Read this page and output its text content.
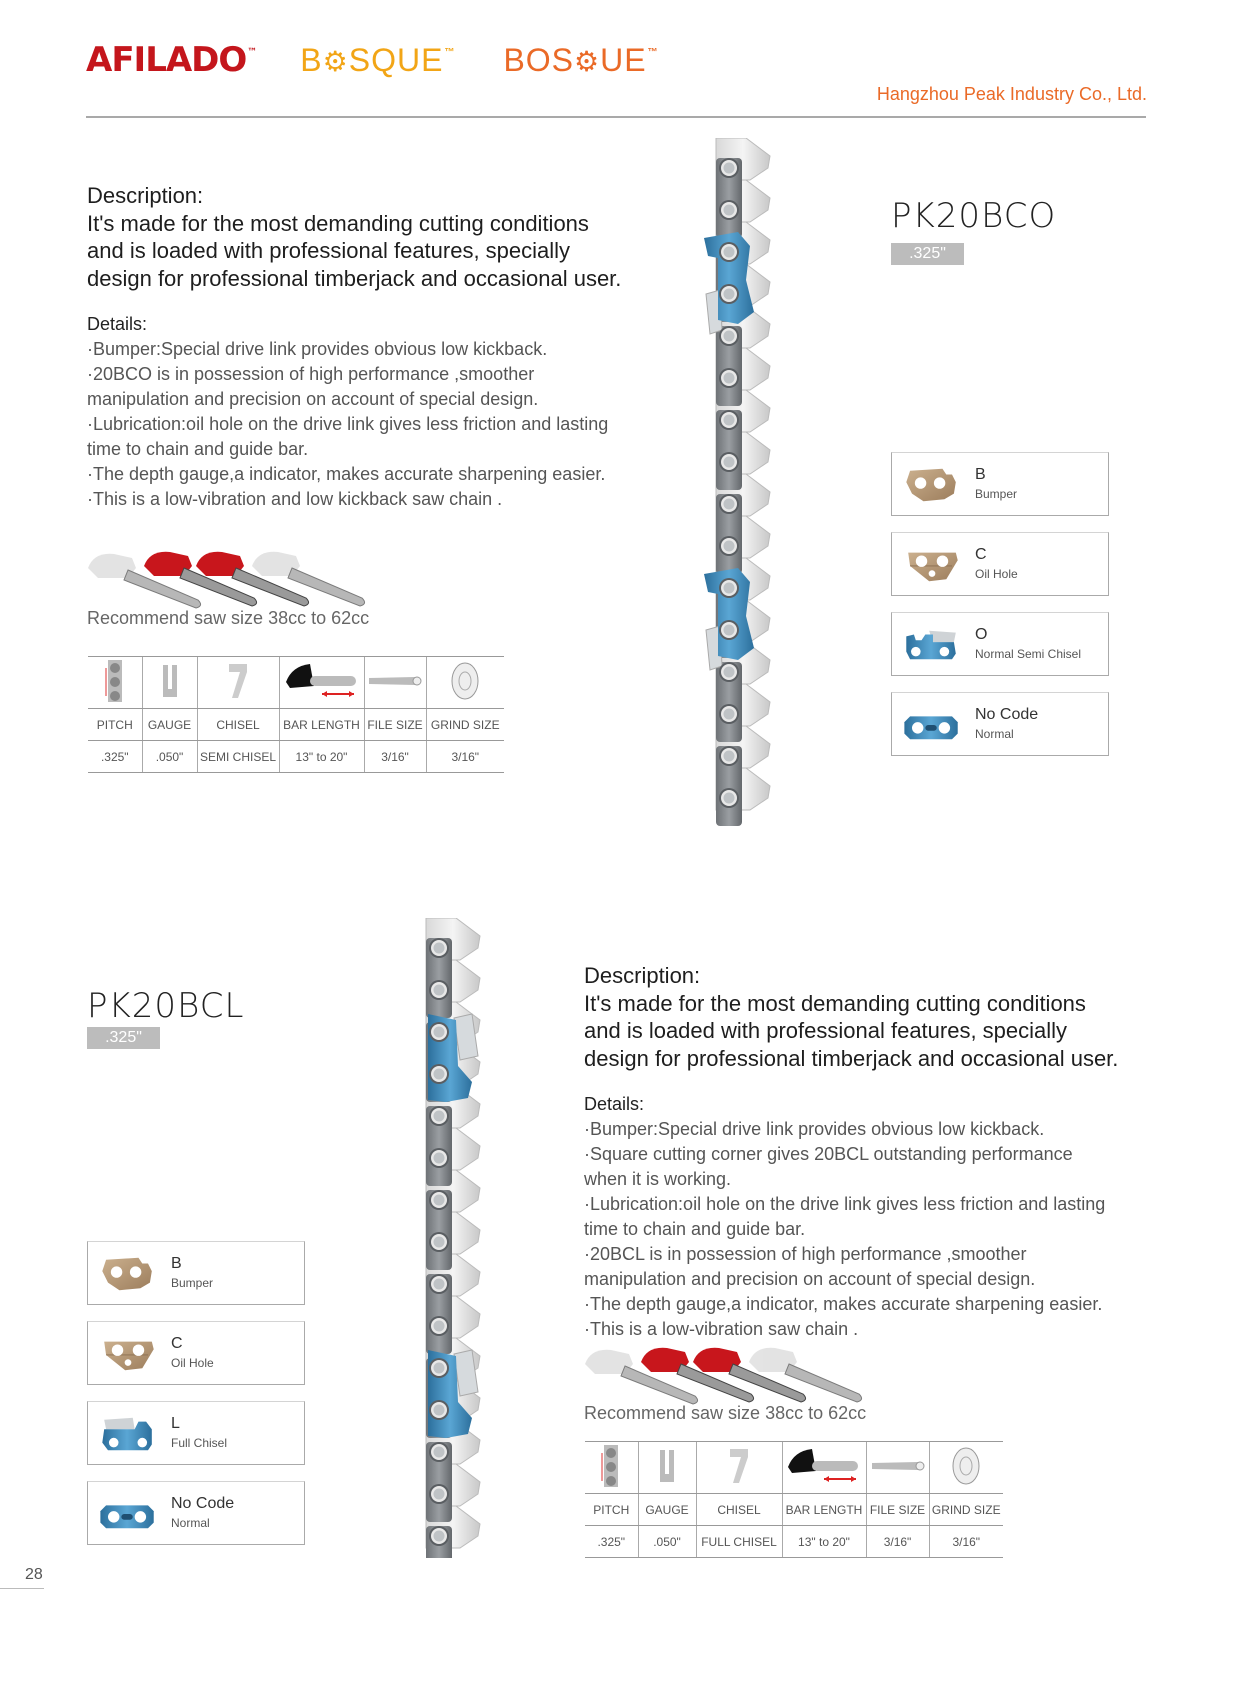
AFILADO™ B⚙SQUE™ BOS⚙UE™
Hangzhou Peak Industry Co., Ltd.
Description:
It's made for the most demanding cutting conditions
and is loaded with professional features, specially
design for professional timberjack and occasional user.
Details:
·Bumper:Special drive link provides obvious low kickback.
·20BCO is in possession of high performance ,smoother
manipulation and precision on account of special design.
·Lubrication:oil hole on the drive link gives less friction and lasting
time to chain and guide bar.
·The depth gauge,a indicator, makes accurate sharpening easier.
·This is a low-vibration and low kickback saw chain .
Recommend saw size 38cc to 62cc

PITCH	GAUGE	CHISEL	BAR LENGTH	FILE SIZE	GRIND SIZE
.325"	.050"	SEMI CHISEL	13" to 20"	3/16"	3/16"
PK20BCO
.325"
B
Bumper
C
Oil Hole
O
Normal Semi Chisel
No Code
Normal
PK20BCL
.325"
B
Bumper
C
Oil Hole
L
Full Chisel
No Code
Normal
Description:
It's made for the most demanding cutting conditions
and is loaded with professional features, specially
design for professional timberjack and occasional user.
Details:
·Bumper:Special drive link provides obvious low kickback.
·Square cutting corner gives 20BCL outstanding performance
when it is working.
·Lubrication:oil hole on the drive link gives less friction and lasting
time to chain and guide bar.
·20BCL is in possession of high performance ,smoother
manipulation and precision on account of special design.
·The depth gauge,a indicator, makes accurate sharpening easier.
·This is a low-vibration saw chain .
Recommend saw size 38cc to 62cc

PITCH	GAUGE	CHISEL	BAR LENGTH	FILE SIZE	GRIND SIZE
.325"	.050"	FULL CHISEL	13" to 20"	3/16"	3/16"
28
